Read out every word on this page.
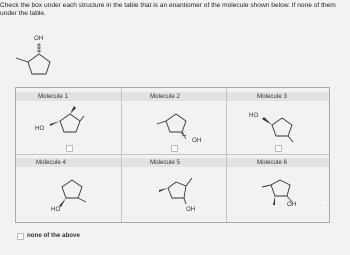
Check the box under each structure in the table that is an enantiomer of the molecule shown below. If none of them
under the table.
OH
Molecule 1	Molecule 2	Molecule 3
HO
OH
HO
Molecule 4	Molecule 5	Molecule 6
HO	OH
OH
none of the above
